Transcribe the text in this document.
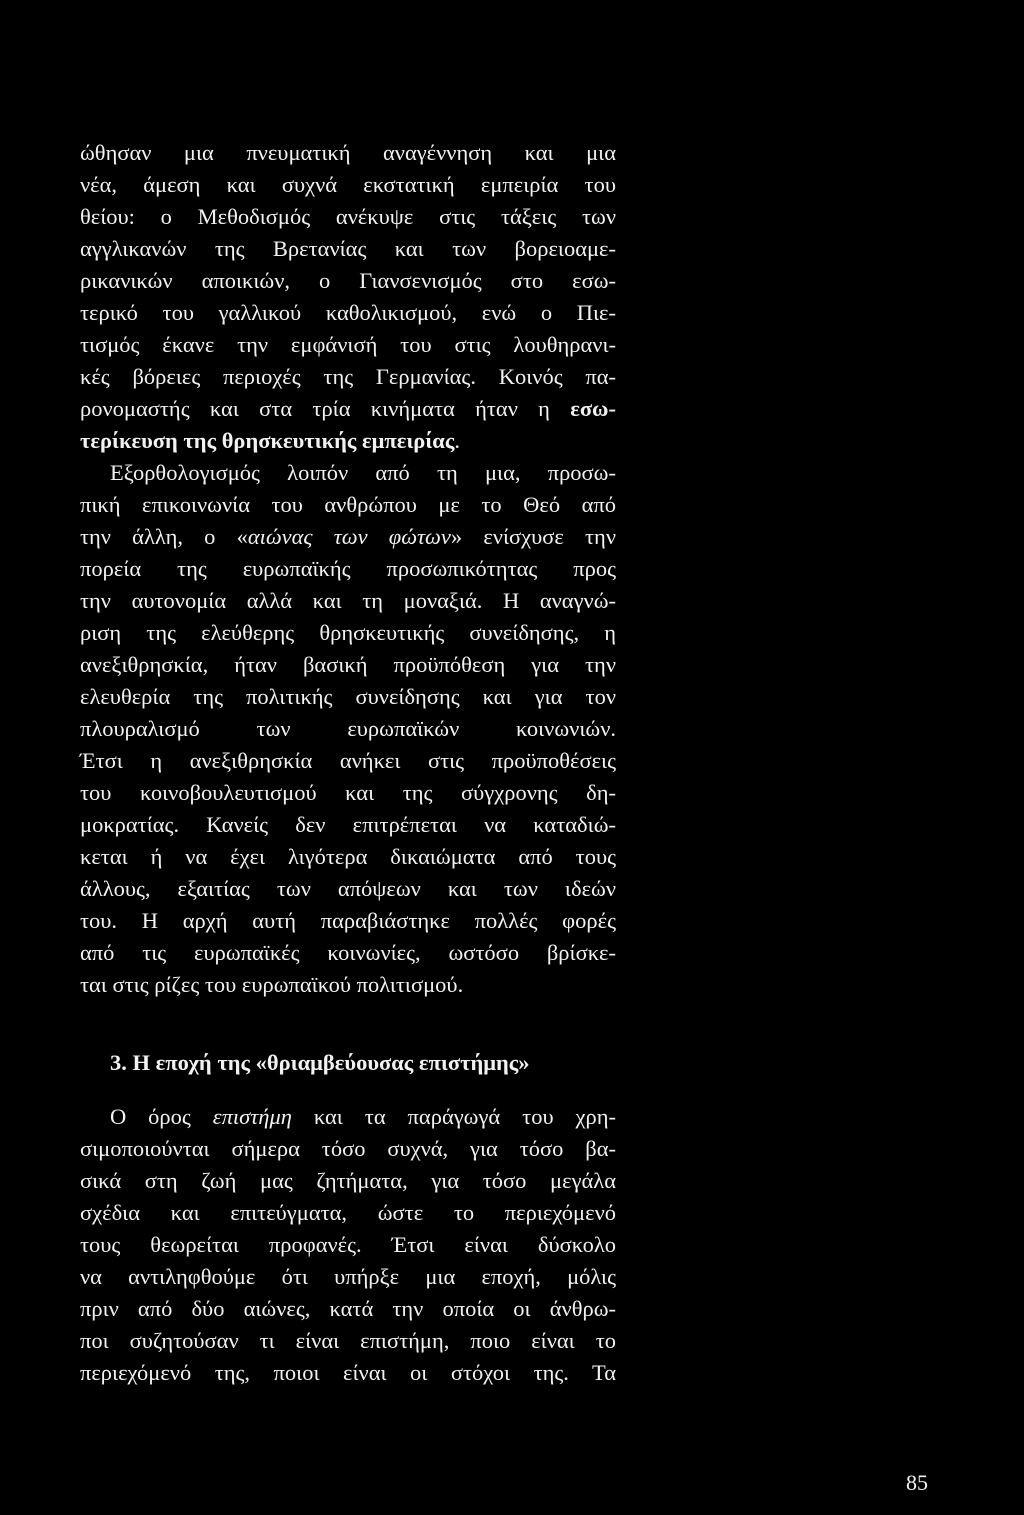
ώθησαν μια πνευματική αναγέννηση και μια
νέα, άμεση και συχνά εκστατική εμπειρία του
θείου: ο Μεθοδισμός ανέκυψε στις τάξεις των
αγγλικανών της Βρετανίας και των βορειοαμε-
ρικανικών αποικιών, ο Γιανσενισμός στο εσω-
τερικό του γαλλικού καθολικισμού, ενώ ο Πιε-
τισμός έκανε την εμφάνισή του στις λουθηρανι-
κές βόρειες περιοχές της Γερμανίας. Κοινός πα-
ρονομαστής και στα τρία κινήματα ήταν η εσω-
τερίκευση της θρησκευτικής εμπειρίας.
Εξορθολογισμός λοιπόν από τη μια, προσω-
πική επικοινωνία του ανθρώπου με το Θεό από
την άλλη, ο «αιώνας των φώτων» ενίσχυσε την
πορεία της ευρωπαϊκής προσωπικότητας προς
την αυτονομία αλλά και τη μοναξιά. Η αναγνώ-
ριση της ελεύθερης θρησκευτικής συνείδησης, η
ανεξιθρησκία, ήταν βασική προϋπόθεση για την
ελευθερία της πολιτικής συνείδησης και για τον
πλουραλισμό των ευρωπαϊκών κοινωνιών.
Έτσι η ανεξιθρησκία ανήκει στις προϋποθέσεις
του κοινοβουλευτισμού και της σύγχρονης δη-
μοκρατίας. Κανείς δεν επιτρέπεται να καταδιώ-
κεται ή να έχει λιγότερα δικαιώματα από τους
άλλους, εξαιτίας των απόψεων και των ιδεών
του. Η αρχή αυτή παραβιάστηκε πολλές φορές
από τις ευρωπαϊκές κοινωνίες, ωστόσο βρίσκε-
ται στις ρίζες του ευρωπαϊκού πολιτισμού.
3. Η εποχή της «θριαμβεύουσας επιστήμης»
Ο όρος επιστήμη και τα παράγωγά του χρη-
σιμοποιούνται σήμερα τόσο συχνά, για τόσο βα-
σικά στη ζωή μας ζητήματα, για τόσο μεγάλα
σχέδια και επιτεύγματα, ώστε το περιεχόμενό
τους θεωρείται προφανές. Έτσι είναι δύσκολο
να αντιληφθούμε ότι υπήρξε μια εποχή, μόλις
πριν από δύο αιώνες, κατά την οποία οι άνθρω-
ποι συζητούσαν τι είναι επιστήμη, ποιο είναι το
περιεχόμενό της, ποιοι είναι οι στόχοι της. Τα
85
